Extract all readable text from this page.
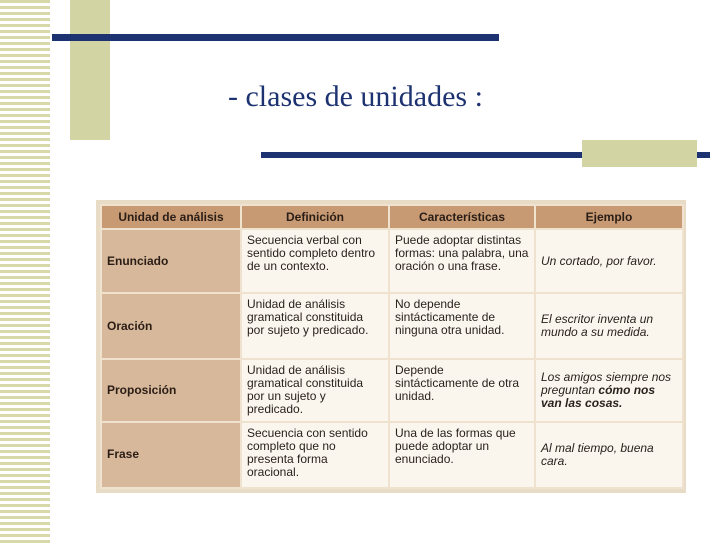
- clases de unidades :
Unidad de análisis	Definición	Características	Ejemplo
Enunciado	Secuencia verbal con sentido completo dentro de un contexto.	Puede adoptar distintas formas: una palabra, una oración o una frase.	Un cortado, por favor.
Oración	Unidad de análisis gramatical constituida por sujeto y predicado.	No depende sintácticamente de ninguna otra unidad.	El escritor inventa un mundo a su medida.
Proposición	Unidad de análisis gramatical constituida por un sujeto y predicado.	Depende sintácticamente de otra unidad.	Los amigos siempre nos preguntan cómo nos van las cosas.
Frase	Secuencia con sentido completo que no presenta forma oracional.	Una de las formas que puede adoptar un enunciado.	Al mal tiempo, buena cara.
